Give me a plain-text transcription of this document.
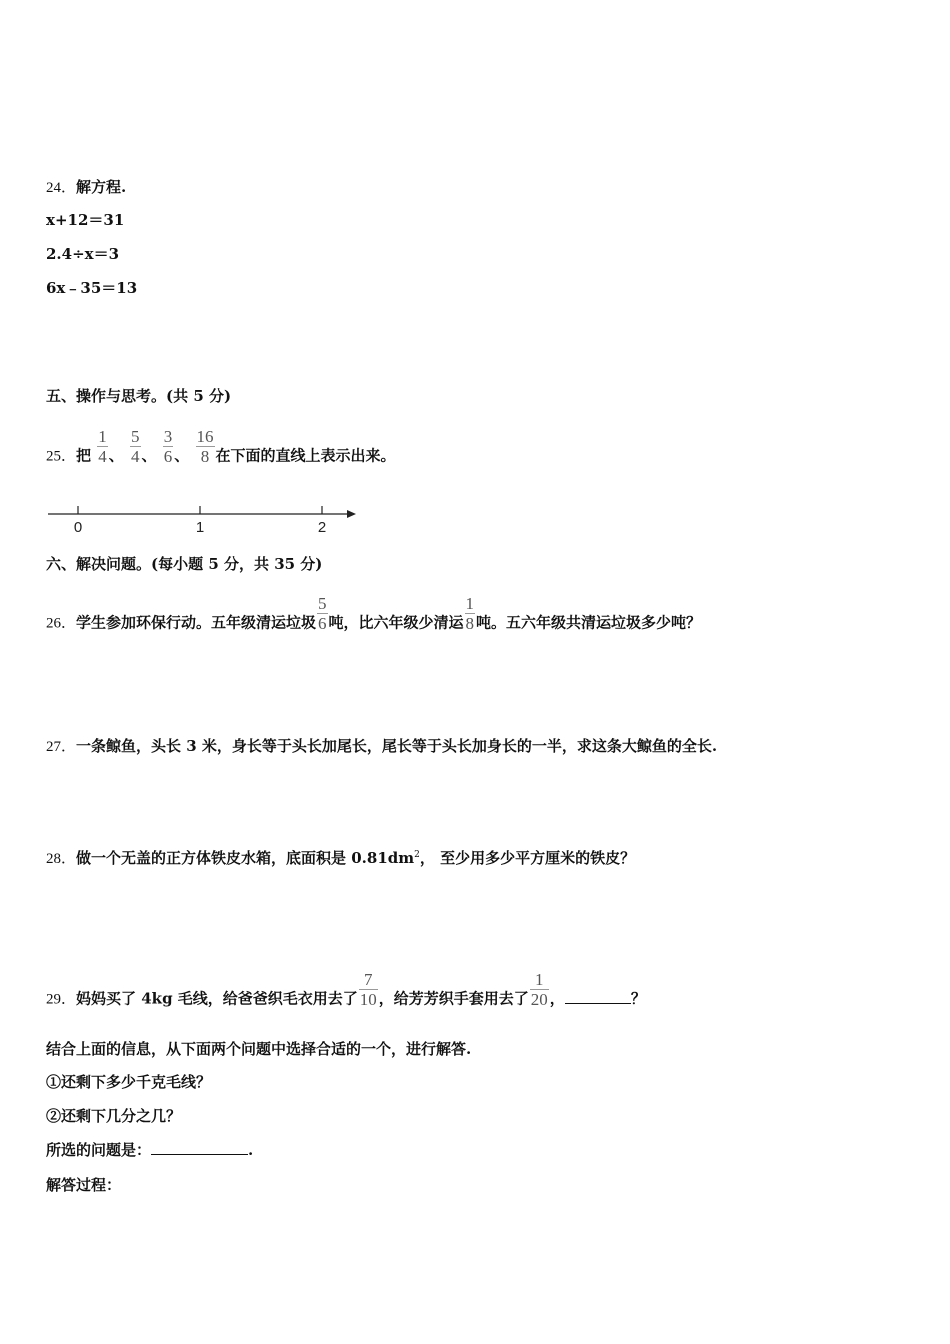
24．解方程.
x+12＝31
2.4÷x＝3
6x﹣35＝13
五、操作与思考。(共 5 分)
25．把 $\frac{1}{4}$ 、 $\frac{5}{4}$ 、 $\frac{3}{6}$ 、 $\frac{16}{8}$ 在下面的直线上表示出来。
0	1	2
六、解决问题。(每小题 5 分，共 35 分)
26．学生参加环保行动。五年级清运垃圾 $\frac{5}{6}$ 吨，比六年级少清运 $\frac{1}{8}$ 吨。五六年级共清运垃圾多少吨？
27．一条鲸鱼，头长 3 米，身长等于头长加尾长，尾长等于头长加身长的一半，求这条大鲸鱼的全长.
28．做一个无盖的正方体铁皮水箱，底面积是 $0.81dm^2$， 至少用多少平方厘米的铁皮？
29．妈妈买了 4kg 毛线，给爸爸织毛衣用去了 $\frac{7}{10}$ ，给芳芳织手套用去了 $\frac{1}{20}$ ，	？
结合上面的信息，从下面两个问题中选择合适的一个，进行解答.
①还剩下多少千克毛线？
②还剩下几分之几？
所选的问题是：	.
解答过程：
